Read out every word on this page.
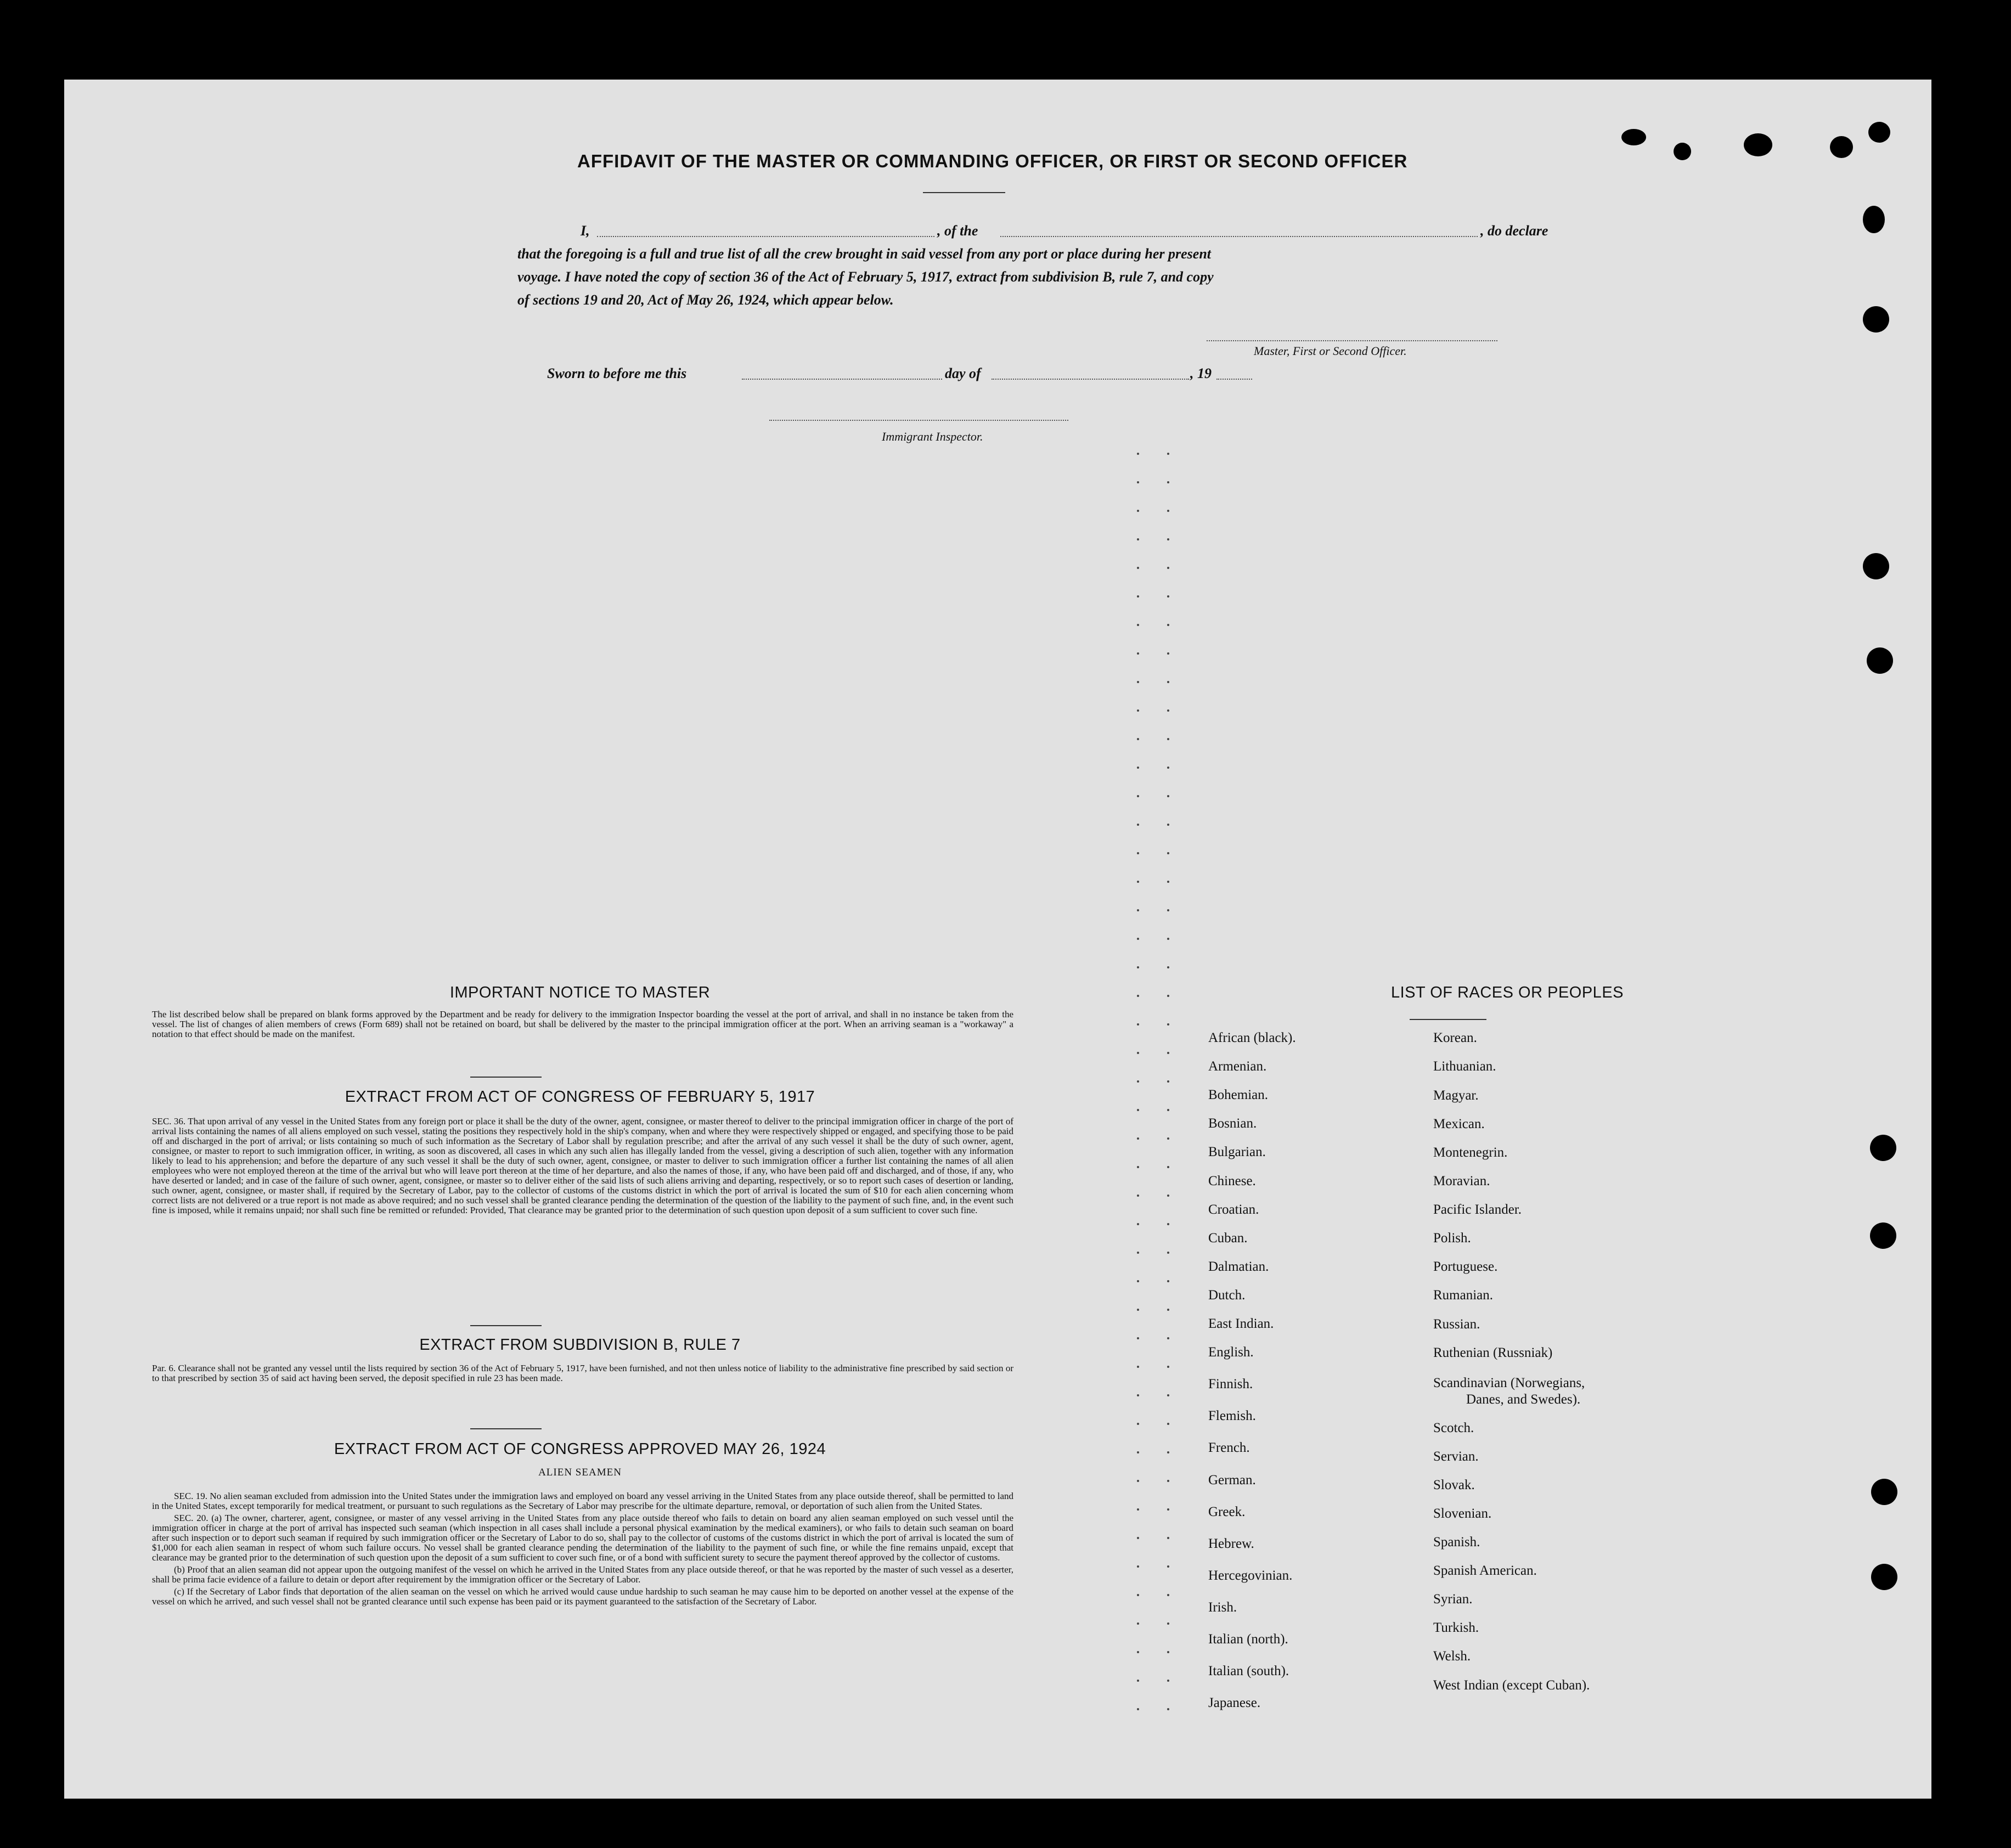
AFFIDAVIT OF THE MASTER OR COMMANDING OFFICER, OR FIRST OR SECOND OFFICER
I,	, of the	, do declare
that the foregoing is a full and true list of all the crew brought in said vessel from any port or place during her present
voyage. I have noted the copy of section 36 of the Act of February 5, 1917, extract from subdivision B, rule 7, and copy
of sections 19 and 20, Act of May 26, 1924, which appear below.
Master, First or Second Officer.
Sworn to before me this	day of	, 19
Immigrant Inspector.
IMPORTANT NOTICE TO MASTER
The list described below shall be prepared on blank forms approved by the Department and be ready for delivery to the immigration Inspector boarding the vessel at the port of arrival, and shall in no instance be taken from the vessel. The list of changes of alien members of crews (Form 689) shall not be retained on board, but shall be delivered by the master to the principal immigration officer at the port. When an arriving seaman is a "workaway" a notation to that effect should be made on the manifest.
EXTRACT FROM ACT OF CONGRESS OF FEBRUARY 5, 1917
SEC. 36. That upon arrival of any vessel in the United States from any foreign port or place it shall be the duty of the owner, agent, consignee, or master thereof to deliver to the principal immigration officer in charge of the port of arrival lists containing the names of all aliens employed on such vessel, stating the positions they respectively hold in the ship's company, when and where they were respectively shipped or engaged, and specifying those to be paid off and discharged in the port of arrival; or lists containing so much of such information as the Secretary of Labor shall by regulation prescribe; and after the arrival of any such vessel it shall be the duty of such owner, agent, consignee, or master to report to such immigration officer, in writing, as soon as discovered, all cases in which any such alien has illegally landed from the vessel, giving a description of such alien, together with any information likely to lead to his apprehension; and before the departure of any such vessel it shall be the duty of such owner, agent, consignee, or master to deliver to such immigration officer a further list containing the names of all alien employees who were not employed thereon at the time of the arrival but who will leave port thereon at the time of her departure, and also the names of those, if any, who have been paid off and discharged, and of those, if any, who have deserted or landed; and in case of the failure of such owner, agent, consignee, or master so to deliver either of the said lists of such aliens arriving and departing, respectively, or so to report such cases of desertion or landing, such owner, agent, consignee, or master shall, if required by the Secretary of Labor, pay to the collector of customs of the customs district in which the port of arrival is located the sum of $10 for each alien concerning whom correct lists are not delivered or a true report is not made as above required; and no such vessel shall be granted clearance pending the determination of the question of the liability to the payment of such fine, and, in the event such fine is imposed, while it remains unpaid; nor shall such fine be remitted or refunded: Provided, That clearance may be granted prior to the determination of such question upon deposit of a sum sufficient to cover such fine.
EXTRACT FROM SUBDIVISION B, RULE 7
Par. 6. Clearance shall not be granted any vessel until the lists required by section 36 of the Act of February 5, 1917, have been furnished, and not then unless notice of liability to the administrative fine prescribed by said section or to that prescribed by section 35 of said act having been served, the deposit specified in rule 23 has been made.
EXTRACT FROM ACT OF CONGRESS APPROVED MAY 26, 1924
ALIEN SEAMEN
SEC. 19. No alien seaman excluded from admission into the United States under the immigration laws and employed on board any vessel arriving in the United States from any place outside thereof, shall be permitted to land in the United States, except temporarily for medical treatment, or pursuant to such regulations as the Secretary of Labor may prescribe for the ultimate departure, removal, or deportation of such alien from the United States.
SEC. 20. (a) The owner, charterer, agent, consignee, or master of any vessel arriving in the United States from any place outside thereof who fails to detain on board any alien seaman employed on such vessel until the immigration officer in charge at the port of arrival has inspected such seaman (which inspection in all cases shall include a personal physical examination by the medical examiners), or who fails to detain such seaman on board after such inspection or to deport such seaman if required by such immigration officer or the Secretary of Labor to do so, shall pay to the collector of customs of the customs district in which the port of arrival is located the sum of $1,000 for each alien seaman in respect of whom such failure occurs. No vessel shall be granted clearance pending the determination of the liability to the payment of such fine, or while the fine remains unpaid, except that clearance may be granted prior to the determination of such question upon the deposit of a sum sufficient to cover such fine, or of a bond with sufficient surety to secure the payment thereof approved by the collector of customs.
(b) Proof that an alien seaman did not appear upon the outgoing manifest of the vessel on which he arrived in the United States from any place outside thereof, or that he was reported by the master of such vessel as a deserter, shall be prima facie evidence of a failure to detain or deport after requirement by the immigration officer or the Secretary of Labor.
(c) If the Secretary of Labor finds that deportation of the alien seaman on the vessel on which he arrived would cause undue hardship to such seaman he may cause him to be deported on another vessel at the expense of the vessel on which he arrived, and such vessel shall not be granted clearance until such expense has been paid or its payment guaranteed to the satisfaction of the Secretary of Labor.
LIST OF RACES OR PEOPLES
African (black).
Armenian.
Bohemian.
Bosnian.
Bulgarian.
Chinese.
Croatian.
Cuban.
Dalmatian.
Dutch.
East Indian.
English.
Finnish.
Flemish.
French.
German.
Greek.
Hebrew.
Hercegovinian.
Irish.
Italian (north).
Italian (south).
Japanese.
Korean.
Lithuanian.
Magyar.
Mexican.
Montenegrin.
Moravian.
Pacific Islander.
Polish.
Portuguese.
Rumanian.
Russian.
Ruthenian (Russniak)
Scandinavian (Norwegians,
Danes, and Swedes).
Scotch.
Servian.
Slovak.
Slovenian.
Spanish.
Spanish American.
Syrian.
Turkish.
Welsh.
West Indian (except Cuban).
